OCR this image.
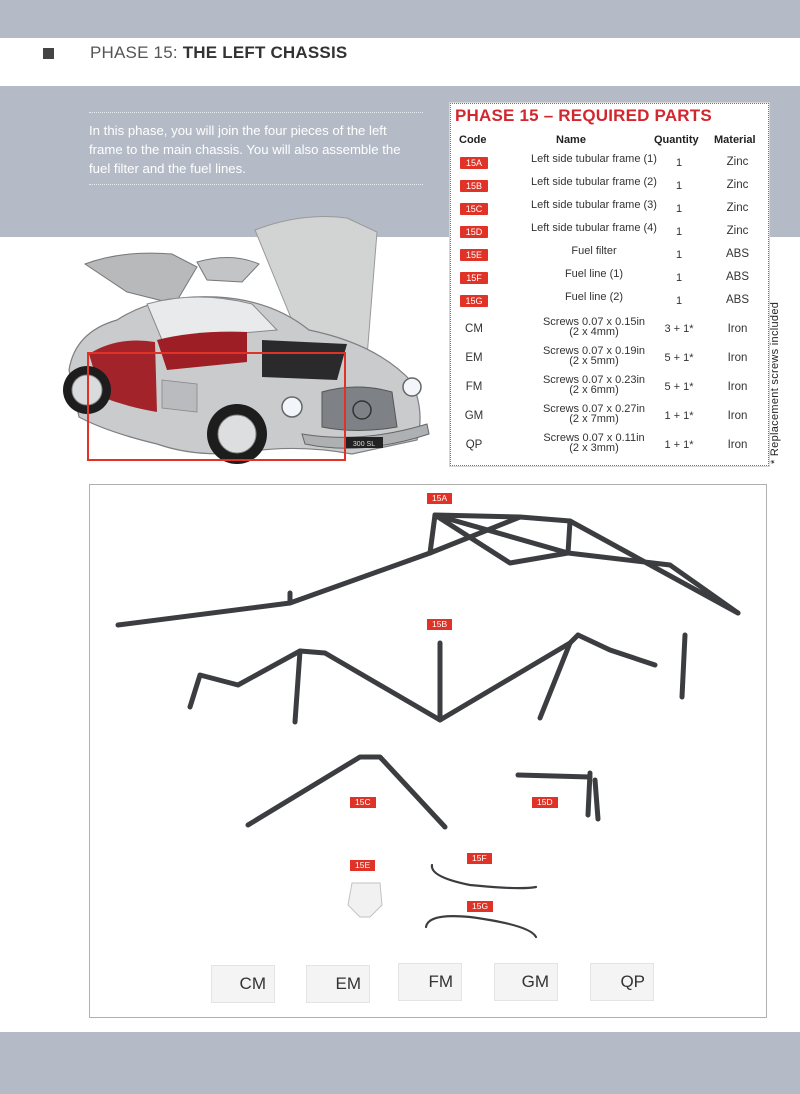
PHASE 15: THE LEFT CHASSIS
In this phase, you will join the four pieces of the left frame to the main chassis. You will also assemble the fuel filter and the fuel lines.
300 SL
PHASE 15 – REQUIRED PARTS
Code	Name	Quantity Material
15A	Left side tubular frame (1)	1	Zinc
15B	Left side tubular frame (2)	1	Zinc
15C	Left side tubular frame (3)	1	Zinc
15D	Left side tubular frame (4)	1	Zinc
15E	Fuel filter	1	ABS
15F	Fuel line (1)	1	ABS
15G	Fuel line (2)	1	ABS
CM
Screws 0.07 x 0.15in
(2 x 4mm)	3 + 1*	Iron
EM
Screws 0.07 x 0.19in
(2 x 5mm)	5 + 1*	Iron
FM
Screws 0.07 x 0.23in
(2 x 6mm)	5 + 1*	Iron
GM
Screws 0.07 x 0.27in
(2 x 7mm)	1 + 1*	Iron
QP
Screws 0.07 x 0.11in
(2 x 3mm)	1 + 1*	Iron	* Replacement screws included
15A
15B
15C	15D
15E
15F
15G
CM	EM	FM	GM	QP
